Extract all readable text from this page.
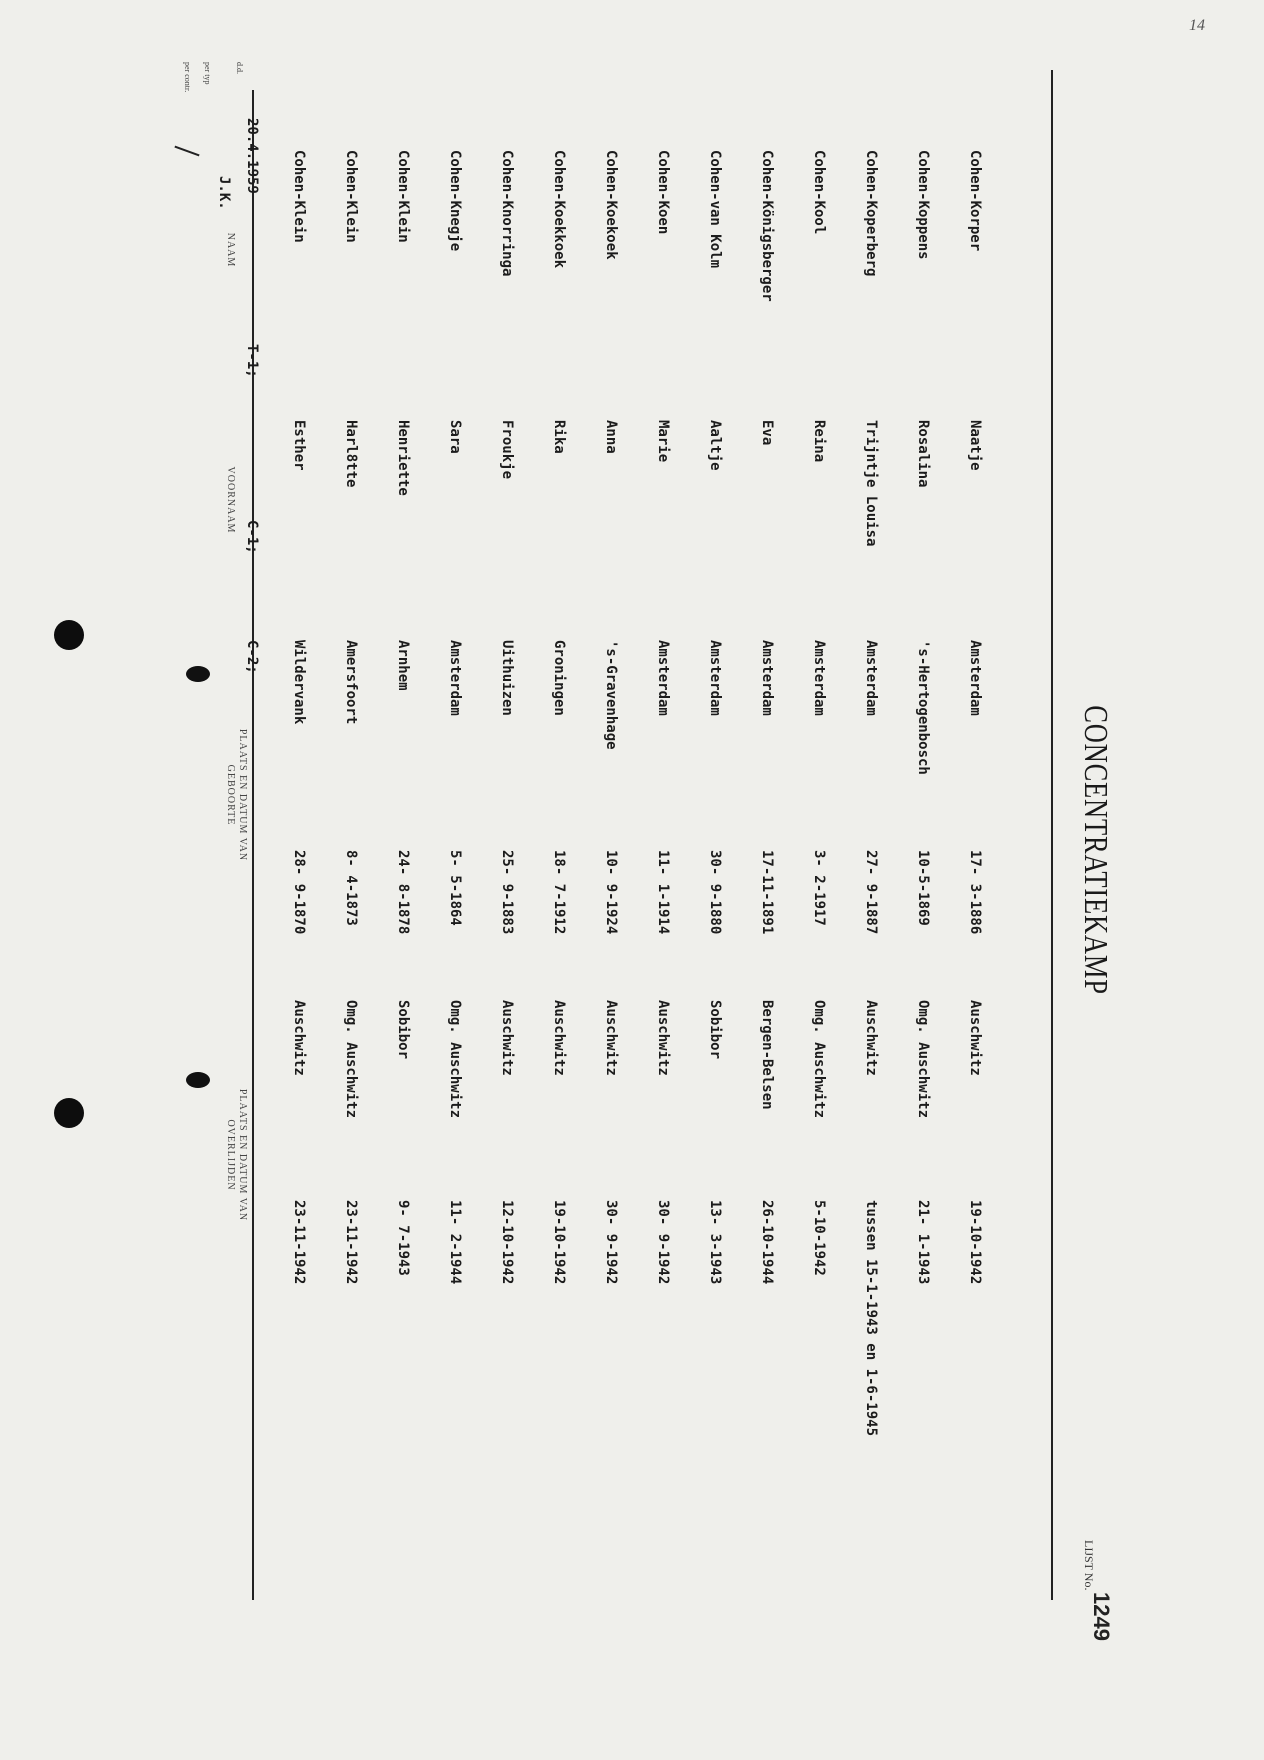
14
CONCENTRATIEKAMP
LIJST No.
1249
NAAM
VOORNAAM
PLAATS EN DATUM VAN GEBOORTE
PLAATS EN DATUM VAN OVERLIJDEN
Cohen-Klein
Esther
Wildervank
28- 9-1870
Auschwitz
23-11-1942
Cohen-Klein
Harl8tte
Amersfoort
8- 4-1873
Omg. Auschwitz
23-11-1942
Cohen-Klein
Henriette
Arnhem
24- 8-1878
Sobibor
9- 7-1943
Cohen-Knegje
Sara
Amsterdam
5- 5-1864
Omg. Auschwitz
11- 2-1944
Cohen-Knorringa
Froukje
Uithuizen
25- 9-1883
Auschwitz
12-10-1942
Cohen-Koekkoek
Rika
Groningen
18- 7-1912
Auschwitz
19-10-1942
Cohen-Koekoek
Anna
's-Gravenhage
10- 9-1924
Auschwitz
30- 9-1942
Cohen-Koen
Marie
Amsterdam
11- 1-1914
Auschwitz
30- 9-1942
Cohen-van Kolm
Aaltje
Amsterdam
30- 9-1880
Sobibor
13- 3-1943
Cohen-Königsberger
Eva
Amsterdam
17-11-1891
Bergen-Belsen
26-10-1944
Cohen-Kool
Reina
Amsterdam
3- 2-1917
Omg. Auschwitz
5-10-1942
Cohen-Koperberg
Trijntje Louisa
Amsterdam
27- 9-1887
Auschwitz
tussen 15-1-1943 en 1-6-1945
Cohen-Koppens
Rosalina
's-Hertogenbosch
10-5-1869
Omg. Auschwitz
21- 1-1943
Cohen-Korper
Naatje
Amsterdam
17- 3-1886
Auschwitz
19-10-1942
d.d.
per typ
per contr.
20.4.1959
J.K.
T-1;
C-1;
C-2;
